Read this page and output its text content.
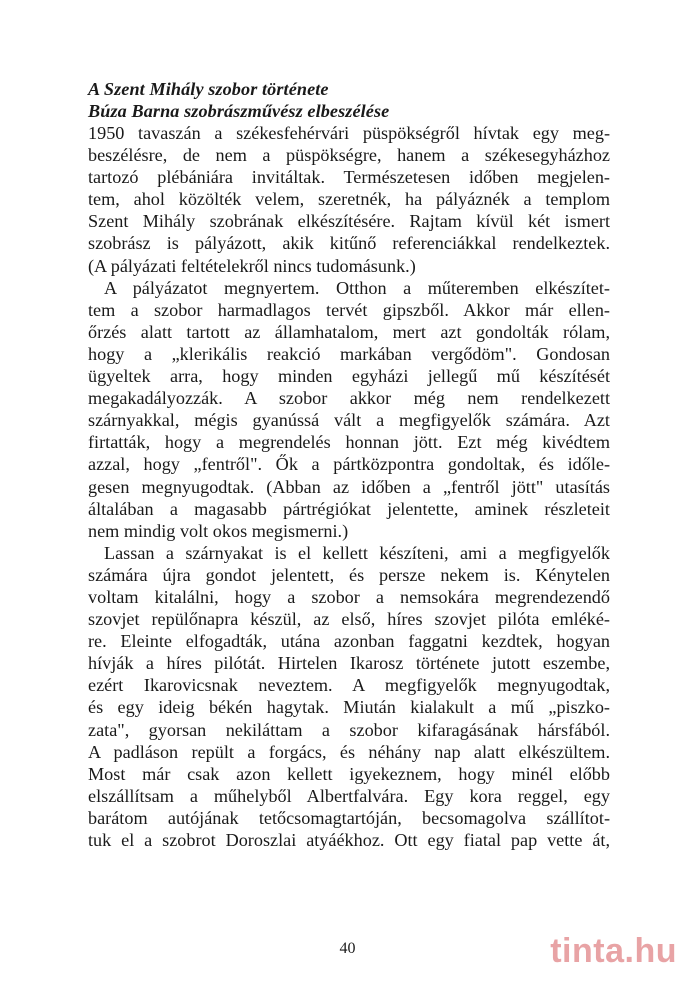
A Szent Mihály szobor története
Búza Barna szobrászművész elbeszélése

1950 tavaszán a székesfehérvári püspökségről hívtak egy meg-
beszélésre, de nem a püspökségre, hanem a székesegyházhoz
tartozó plébániára invitáltak. Természetesen időben megjelen-
tem, ahol közölték velem, szeretnék, ha pályáznék a templom
Szent Mihály szobrának elkészítésére. Rajtam kívül két ismert
szobrász is pályázott, akik kitűnő referenciákkal rendelkeztek.
(A pályázati feltételekről nincs tudomásunk.)

A pályázatot megnyertem. Otthon a műteremben elkészítet-
tem a szobor harmadlagos tervét gipszből. Akkor már ellen-
őrzés alatt tartott az államhatalom, mert azt gondolták rólam,
hogy a „klerikális reakció markában vergődöm". Gondosan
ügyeltek arra, hogy minden egyházi jellegű mű készítését
megakadályozzák. A szobor akkor még nem rendelkezett
szárnyakkal, mégis gyanússá vált a megfigyelők számára. Azt
firtatták, hogy a megrendelés honnan jött. Ezt még kivédtem
azzal, hogy „fentről". Ők a pártközpontra gondoltak, és időle-
gesen megnyugodtak. (Abban az időben a „fentről jött" utasítás
általában a magasabb pártrégiókat jelentette, aminek részleteit
nem mindig volt okos megismerni.)

Lassan a szárnyakat is el kellett készíteni, ami a megfigyelők
számára újra gondot jelentett, és persze nekem is. Kénytelen
voltam kitalálni, hogy a szobor a nemsokára megrendezendő
szovjet repülőnapra készül, az első, híres szovjet pilóta emléké-
re. Eleinte elfogadták, utána azonban faggatni kezdtek, hogyan
hívják a híres pilótát. Hirtelen Ikarosz története jutott eszembe,
ezért Ikarovicsnak neveztem. A megfigyelők megnyugodtak,
és egy ideig békén hagytak. Miután kialakult a mű „piszko-
zata", gyorsan nekiláttam a szobor kifaragásának hársfából.
A padláson repült a forgács, és néhány nap alatt elkészültem.
Most már csak azon kellett igyekeznem, hogy minél előbb
elszállítsam a műhelyből Albertfalvára. Egy kora reggel, egy
barátom autójának tetőcsomagtartóján, becsomagolva szállítot-
tuk el a szobrot Doroszlai atyáékhoz. Ott egy fiatal pap vette át,

40	tinta.hu
